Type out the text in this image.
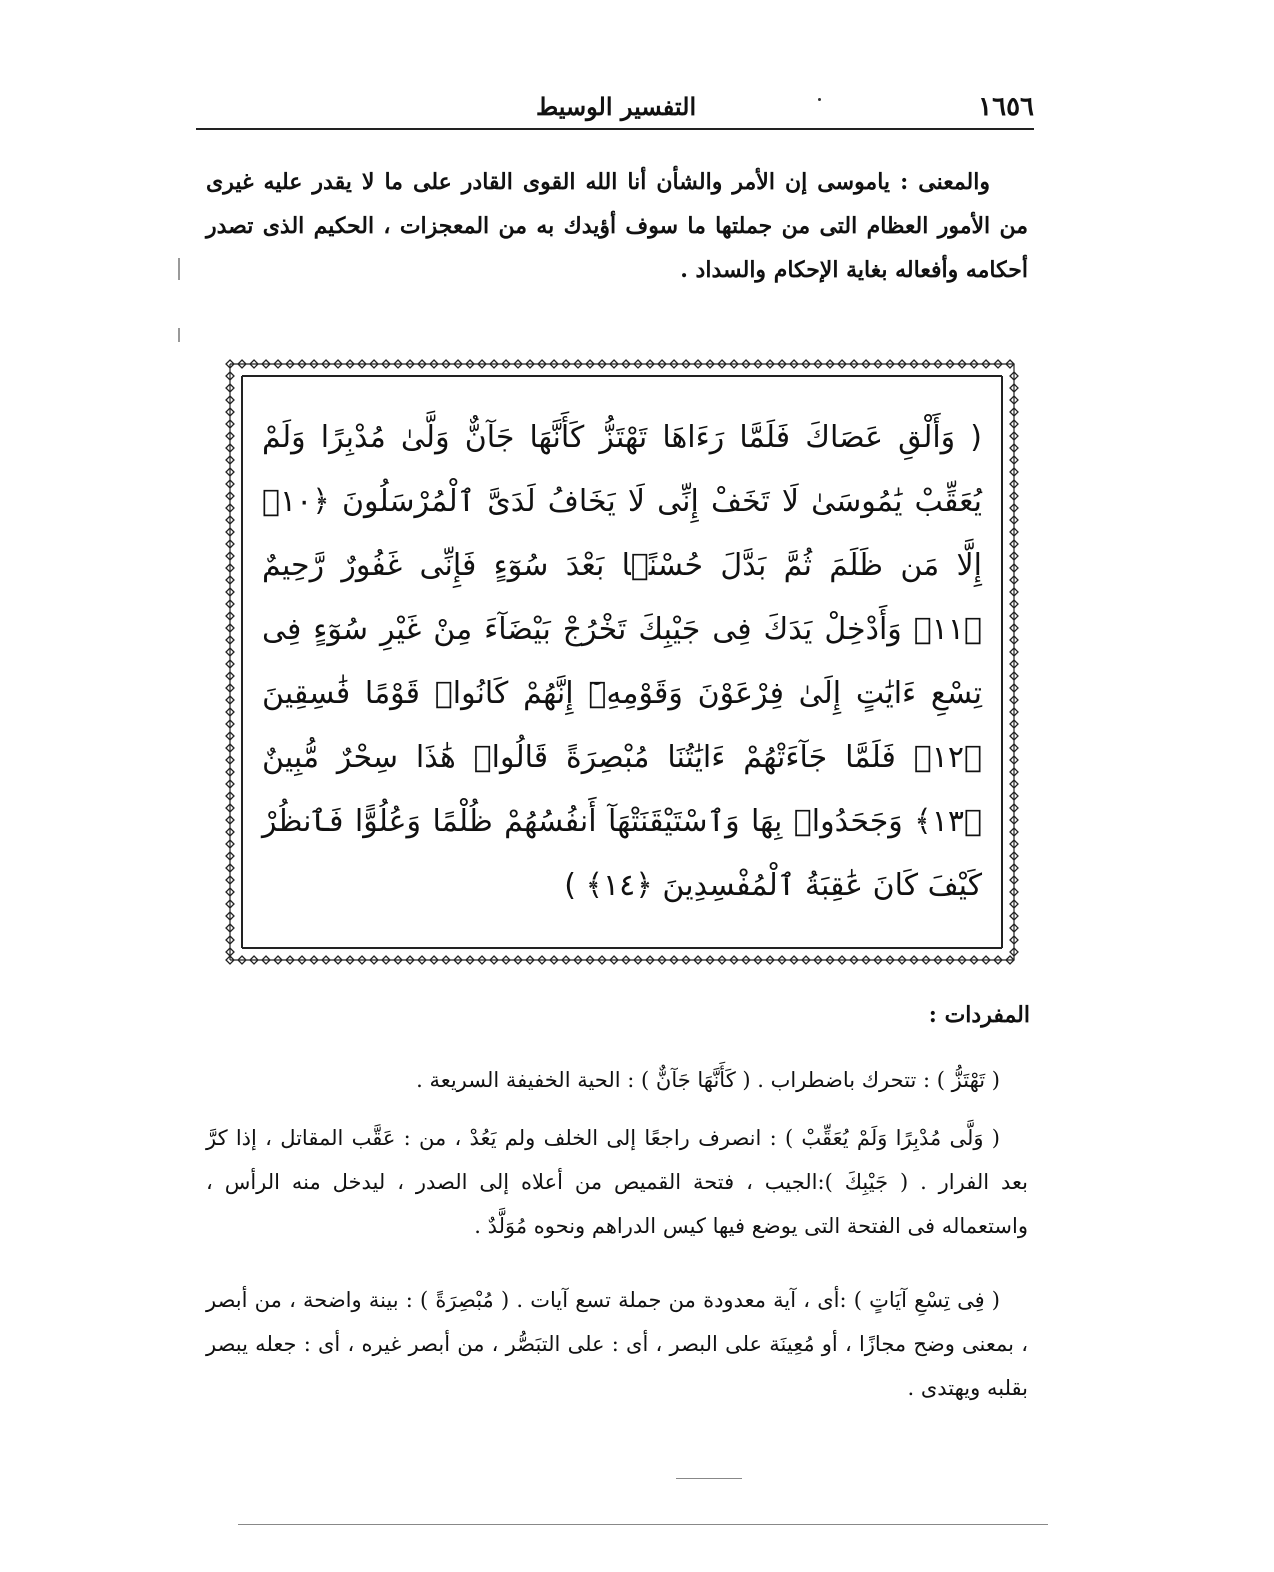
١٦٥٦
التفسير الوسيط
والمعنى : ياموسى إن الأمر والشأن أنا الله القوى القادر على ما لا يقدر عليه غيرى من الأمور العظام التى من جملتها ما سوف أؤيدك به من المعجزات ، الحكيم الذى تصدر أحكامه وأفعاله بغاية الإحكام والسداد .
( وَأَلْقِ عَصَاكَ فَلَمَّا رَءَاهَا تَهْتَزُّ كَأَنَّهَا جَآنٌّ وَلَّىٰ مُدْبِرًا وَلَمْ يُعَقِّبْ يَٰمُوسَىٰ لَا تَخَفْ إِنِّى لَا يَخَافُ لَدَىَّ ٱلْمُرْسَلُونَ ﴿١٠﴾ إِلَّا مَن ظَلَمَ ثُمَّ بَدَّلَ حُسْنًۢا بَعْدَ سُوٓءٍ فَإِنِّى غَفُورٌ رَّحِيمٌ ﴿١١﴾ وَأَدْخِلْ يَدَكَ فِى جَيْبِكَ تَخْرُجْ بَيْضَآءَ مِنْ غَيْرِ سُوٓءٍ فِى تِسْعِ ءَايَٰتٍ إِلَىٰ فِرْعَوْنَ وَقَوْمِهِۦٓ إِنَّهُمْ كَانُوا۟ قَوْمًا فَٰسِقِينَ ﴿١٢﴾ فَلَمَّا جَآءَتْهُمْ ءَايَٰتُنَا مُبْصِرَةً قَالُوا۟ هَٰذَا سِحْرٌ مُّبِينٌ ﴿١٣﴾ وَجَحَدُوا۟ بِهَا وَٱسْتَيْقَنَتْهَآ أَنفُسُهُمْ ظُلْمًا وَعُلُوًّا فَٱنظُرْ كَيْفَ كَانَ عَٰقِبَةُ ٱلْمُفْسِدِينَ ﴿١٤﴾ )
المفردات :
( تَهْتَزُّ ) : تتحرك باضطراب . ( كَأَنَّهَا جَآنٌّ ) : الحية الخفيفة السريعة .
( وَلَّى مُدْبِرًا وَلَمْ يُعَقِّبْ ) : انصرف راجعًا إلى الخلف ولم يَعُدْ ، من : عَقَّب المقاتل ، إذا كرَّ بعد الفرار . ( جَيْبِكَ ):الجيب ، فتحة القميص من أعلاه إلى الصدر ، ليدخل منه الرأس ، واستعماله فى الفتحة التى يوضع فيها كيس الدراهم ونحوه مُوَلَّدٌ .
( فِى تِسْعِ آيَاتٍ ) :أى ، آية معدودة من جملة تسع آيات . ( مُبْصِرَةً ) : بينة واضحة ، من أبصر ، بمعنى وضح مجازًا ، أو مُعِينَة على البصر ، أى : على التبَصُّر ، من أبصر غيره ، أى : جعله يبصر بقلبه ويهتدى .
